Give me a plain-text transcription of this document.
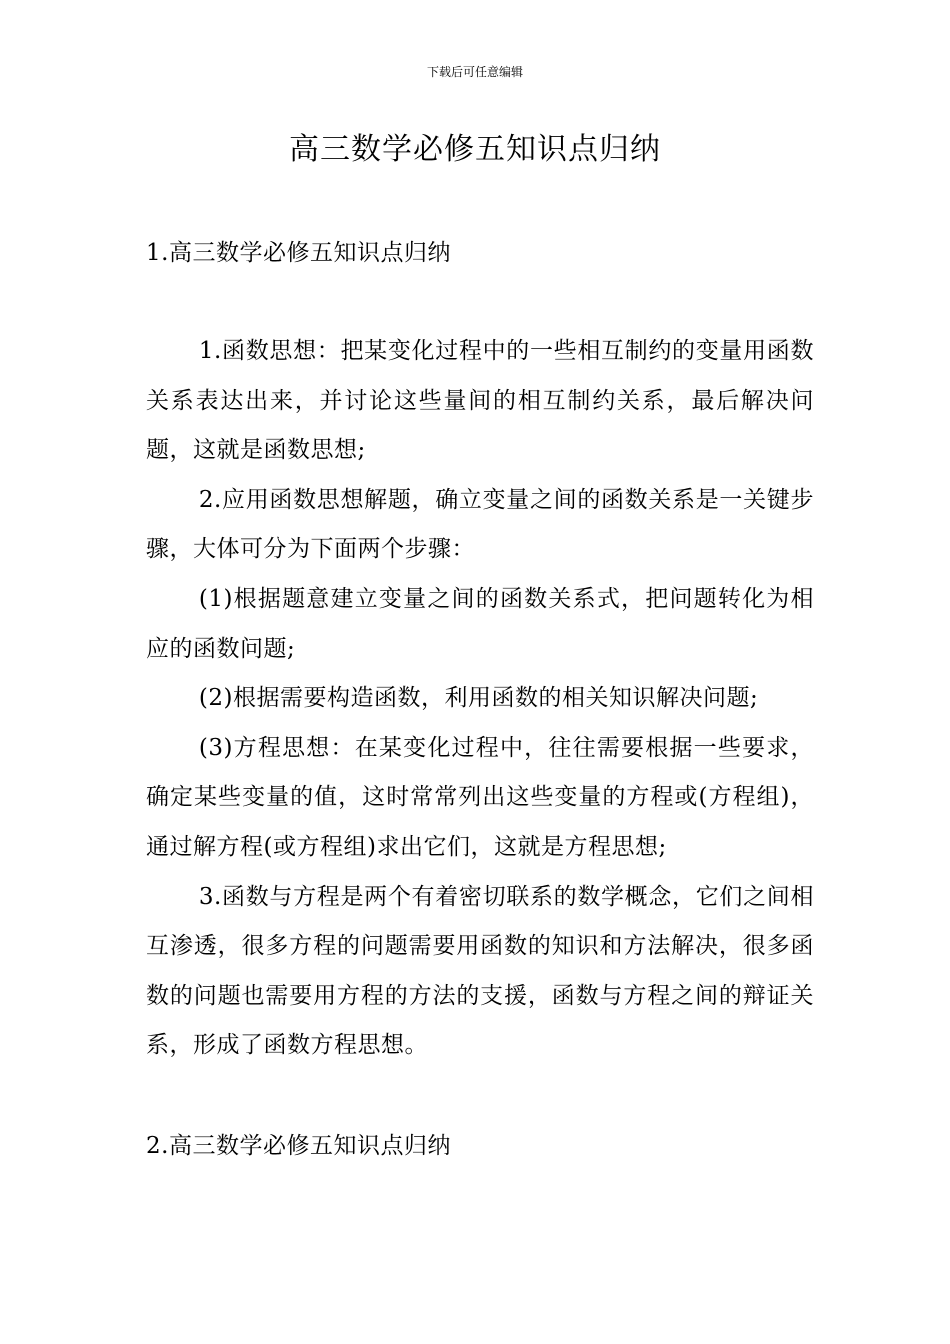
下载后可任意编辑
高三数学必修五知识点归纳
1.高三数学必修五知识点归纳

1.函数思想：把某变化过程中的一些相互制约的变量用函数关系表达出来，并讨论这些量间的相互制约关系，最后解决问题，这就是函数思想;

2.应用函数思想解题，确立变量之间的函数关系是一关键步骤，大体可分为下面两个步骤：

(1)根据题意建立变量之间的函数关系式，把问题转化为相应的函数问题;

(2)根据需要构造函数，利用函数的相关知识解决问题;

(3)方程思想：在某变化过程中，往往需要根据一些要求，确定某些变量的值，这时常常列出这些变量的方程或(方程组)，通过解方程(或方程组)求出它们，这就是方程思想;

3.函数与方程是两个有着密切联系的数学概念，它们之间相互渗透，很多方程的问题需要用函数的知识和方法解决，很多函数的问题也需要用方程的方法的支援，函数与方程之间的辩证关系，形成了函数方程思想。

2.高三数学必修五知识点归纳
